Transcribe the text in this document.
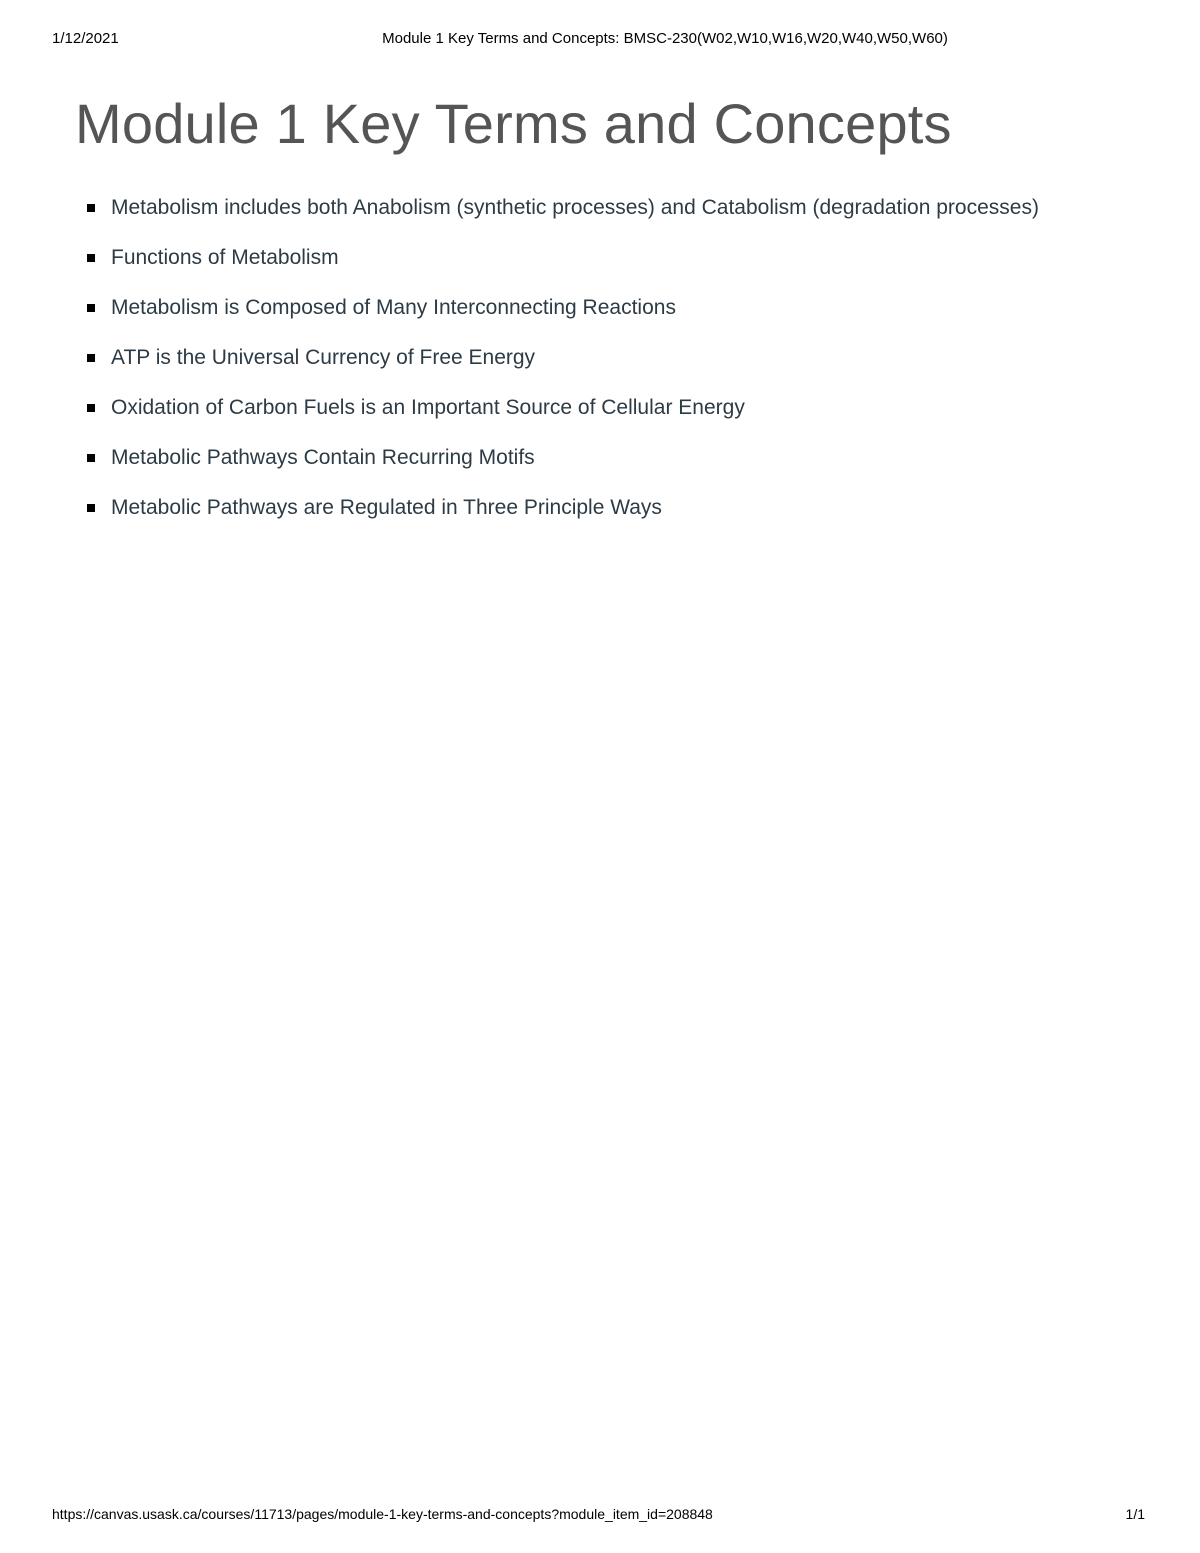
1/12/2021	Module 1 Key Terms and Concepts: BMSC-230(W02,W10,W16,W20,W40,W50,W60)
Module 1 Key Terms and Concepts
Metabolism includes both Anabolism (synthetic processes) and Catabolism (degradation processes)
Functions of Metabolism
Metabolism is Composed of Many Interconnecting Reactions
ATP is the Universal Currency of Free Energy
Oxidation of Carbon Fuels is an Important Source of Cellular Energy
Metabolic Pathways Contain Recurring Motifs
Metabolic Pathways are Regulated in Three Principle Ways
https://canvas.usask.ca/courses/11713/pages/module-1-key-terms-and-concepts?module_item_id=208848	1/1
